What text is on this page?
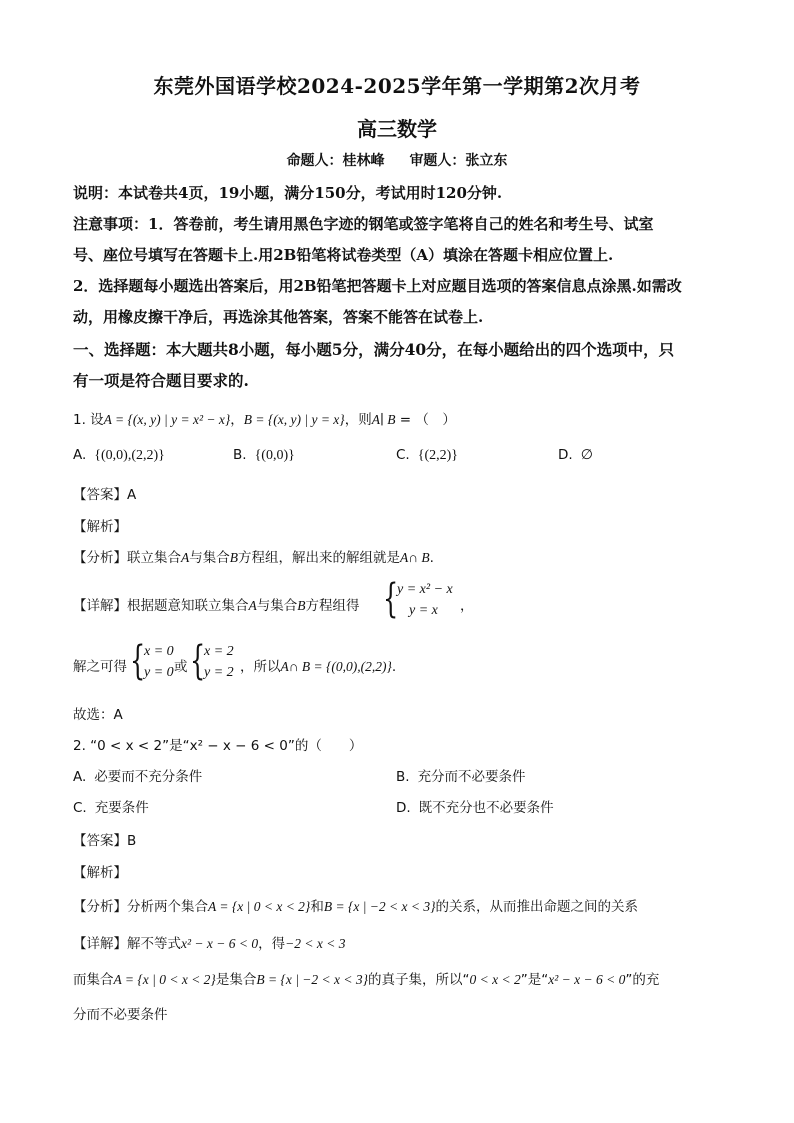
东莞外国语学校2024-2025学年第一学期第2次月考
高三数学
命题人：桂林峰 审题人：张立东
说明：本试卷共4页，19小题，满分150分，考试用时120分钟.
注意事项：1．答卷前，考生请用黑色字迹的钢笔或签字笔将自己的姓名和考生号、试室
号、座位号填写在答题卡上.用2B铅笔将试卷类型（A）填涂在答题卡相应位置上.
2．选择题每小题选出答案后，用2B铅笔把答题卡上对应题目选项的答案信息点涂黑.如需改
动，用橡皮擦干净后，再选涂其他答案，答案不能答在试卷上.
一、选择题：本大题共8小题，每小题5分，满分40分，在每小题给出的四个选项中，只
有一项是符合题目要求的.
1. 设A = {(x, y) | y = x² − x}，B = {(x, y) | y = x}，则A∣ B = （　）
A. {(0,0),(2,2)}	B. {(0,0)}	C. {(2,2)}	D. ∅
【答案】A
【解析】
【分析】联立集合A与集合B方程组，解出来的解组就是A∩ B.
【详解】根据题意知联立集合A与集合B方程组得 {
y = x² − x
y = x	，
解之可得 {
x = 0
y = 0 或 {
x = 2
y = 2 ，所以A∩ B = {(0,0),(2,2)}.
故选：A
2. “0 < x < 2”是“x² − x − 6 < 0”的（　　）
A. 必要而不充分条件	B. 充分而不必要条件
C. 充要条件	D. 既不充分也不必要条件
【答案】B
【解析】
【分析】分析两个集合A = {x | 0 < x < 2}和B = {x | −2 < x < 3}的关系，从而推出命题之间的关系
【详解】解不等式x² − x − 6 < 0，得−2 < x < 3
而集合A = {x | 0 < x < 2}是集合B = {x | −2 < x < 3}的真子集，所以“0 < x < 2”是“x² − x − 6 < 0”的充
分而不必要条件
